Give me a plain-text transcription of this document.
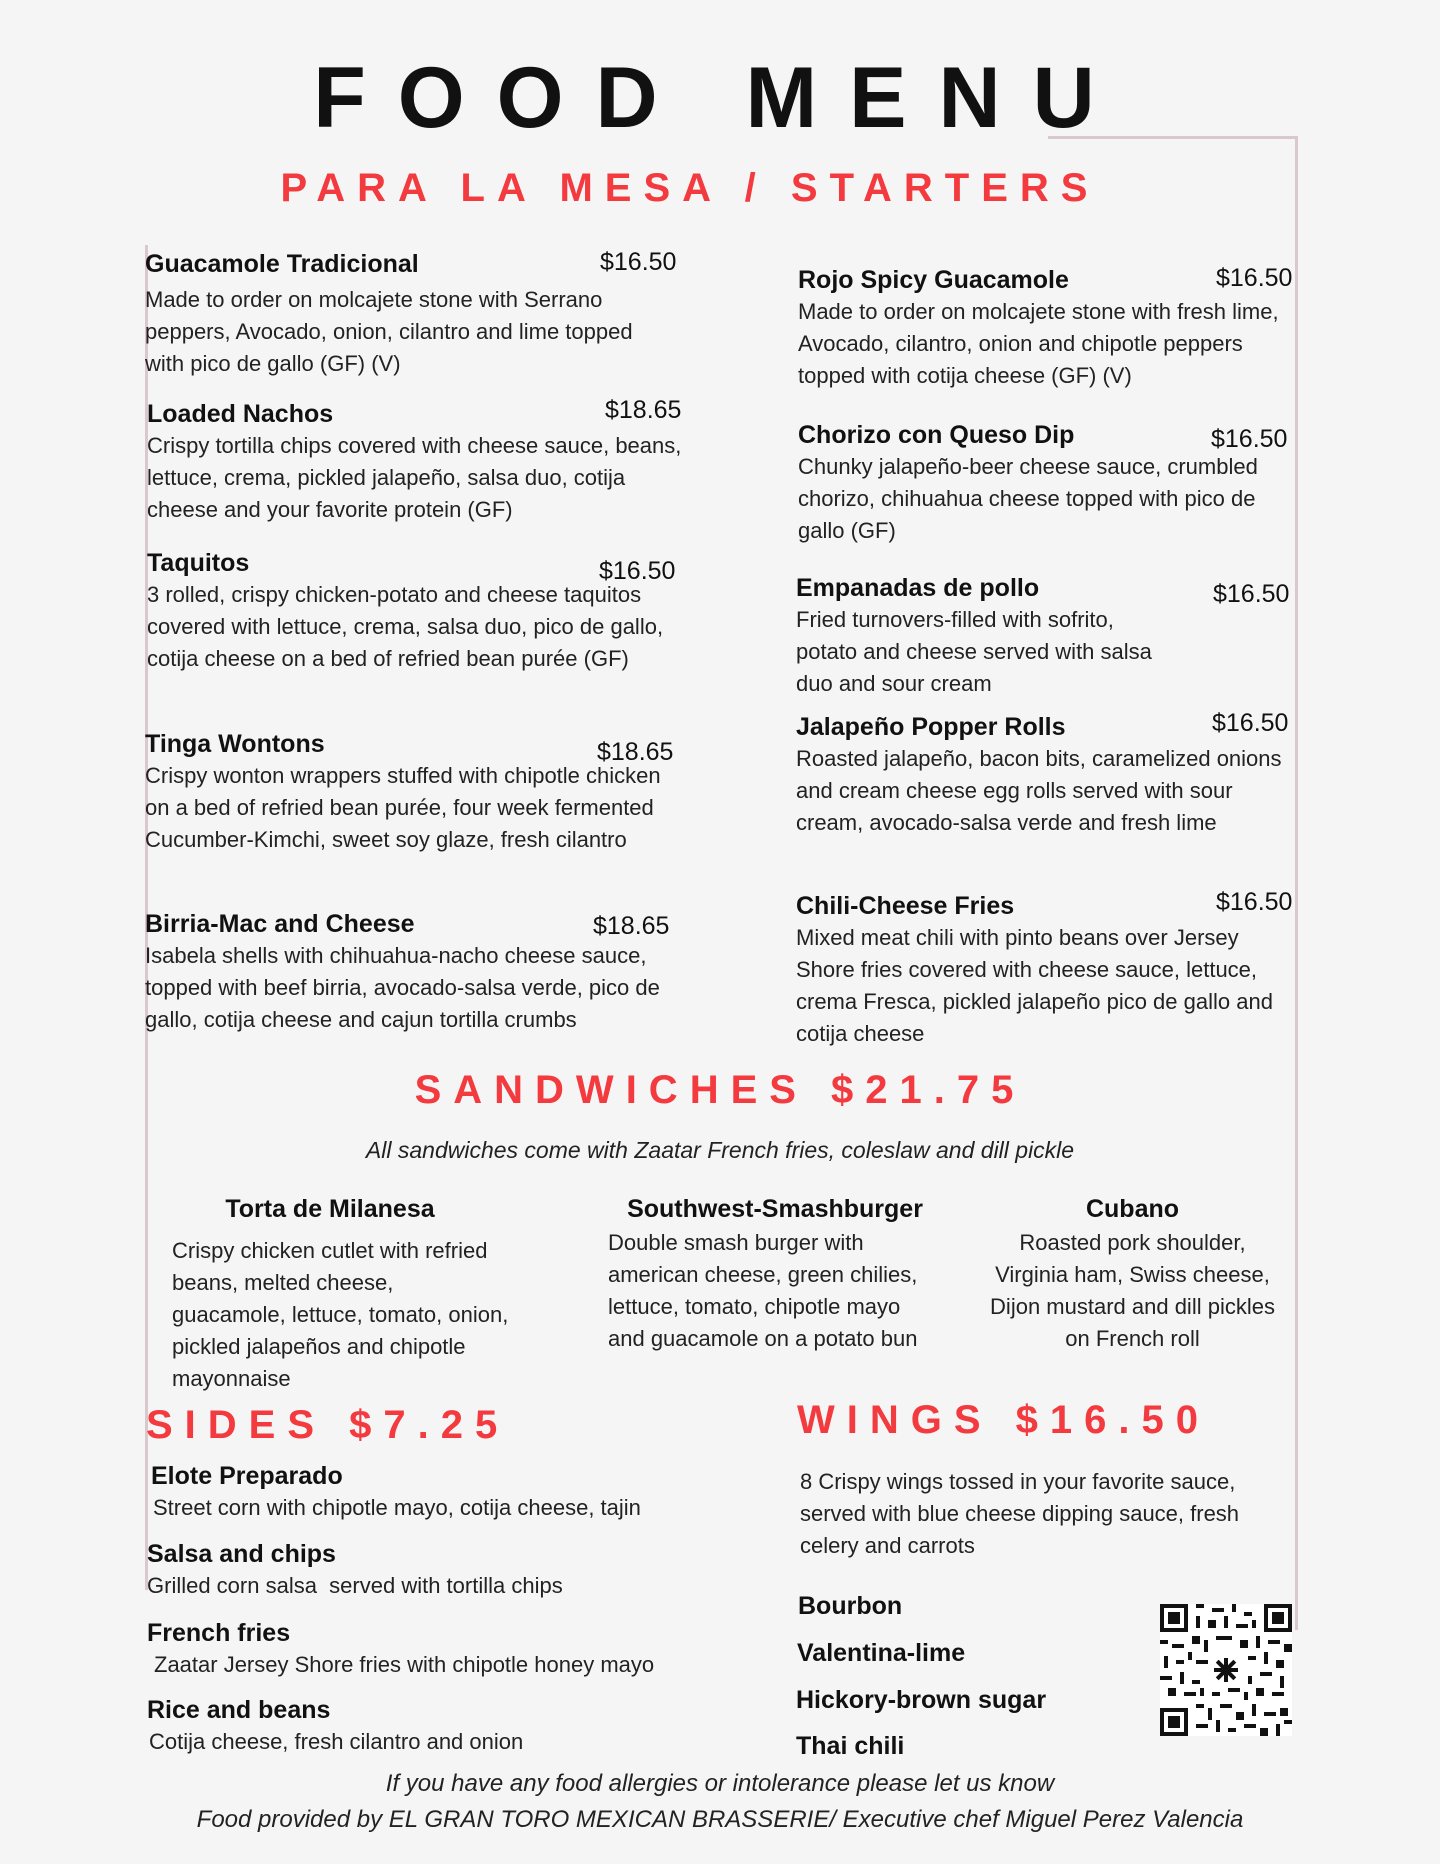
FOOD MENU
PARA LA MESA / STARTERS
Guacamole Tradicional	$16.50
Made to order on molcajete stone with Serrano peppers, Avocado, onion, cilantro and lime topped with pico de gallo (GF) (V)
Loaded Nachos	$18.65
Crispy tortilla chips covered with cheese sauce, beans, lettuce, crema, pickled jalapeño, salsa duo, cotija cheese and your favorite protein (GF)
Taquitos	$16.50
3 rolled, crispy chicken-potato and cheese taquitos covered with lettuce, crema, salsa duo, pico de gallo, cotija cheese on a bed of refried bean purée (GF)
Tinga Wontons	$18.65
Crispy wonton wrappers stuffed with chipotle chicken on a bed of refried bean purée, four week fermented Cucumber-Kimchi, sweet soy glaze, fresh cilantro
Birria-Mac and Cheese	$18.65
Isabela shells with chihuahua-nacho cheese sauce, topped with beef birria, avocado-salsa verde, pico de gallo, cotija cheese and cajun tortilla crumbs
Rojo Spicy Guacamole	$16.50
Made to order on molcajete stone with fresh lime, Avocado, cilantro, onion and chipotle peppers topped with cotija cheese (GF) (V)
Chorizo con Queso Dip	$16.50
Chunky jalapeño-beer cheese sauce, crumbled chorizo, chihuahua cheese topped with pico de gallo (GF)
Empanadas de pollo	$16.50
Fried turnovers-filled with sofrito, potato and cheese served with salsa duo and sour cream
Jalapeño Popper Rolls	$16.50
Roasted jalapeño, bacon bits, caramelized onions and cream cheese egg rolls served with sour cream, avocado-salsa verde and fresh lime
Chili-Cheese Fries	$16.50
Mixed meat chili with pinto beans over Jersey Shore fries covered with cheese sauce, lettuce, crema Fresca, pickled jalapeño pico de gallo and cotija cheese
SANDWICHES $21.75
All sandwiches come with Zaatar French fries, coleslaw and dill pickle
Torta de Milanesa
Crispy chicken cutlet with refried beans, melted cheese, guacamole, lettuce, tomato, onion, pickled jalapeños and chipotle mayonnaise
Southwest-Smashburger
Double smash burger with american cheese, green chilies, lettuce, tomato, chipotle mayo and guacamole on a potato bun
Cubano
Roasted pork shoulder, Virginia ham, Swiss cheese, Dijon mustard and dill pickles on French roll
SIDES $7.25
Elote Preparado
Street corn with chipotle mayo, cotija cheese, tajin
Salsa and chips
Grilled corn salsa  served with tortilla chips
French fries
Zaatar Jersey Shore fries with chipotle honey mayo
Rice and beans
Cotija cheese, fresh cilantro and onion
WINGS $16.50
8 Crispy wings tossed in your favorite sauce, served with blue cheese dipping sauce, fresh celery and carrots
Bourbon
Valentina-lime
Hickory-brown sugar
Thai chili
If you have any food allergies or intolerance please let us know
Food provided by EL GRAN TORO MEXICAN BRASSERIE/ Executive chef Miguel Perez Valencia
